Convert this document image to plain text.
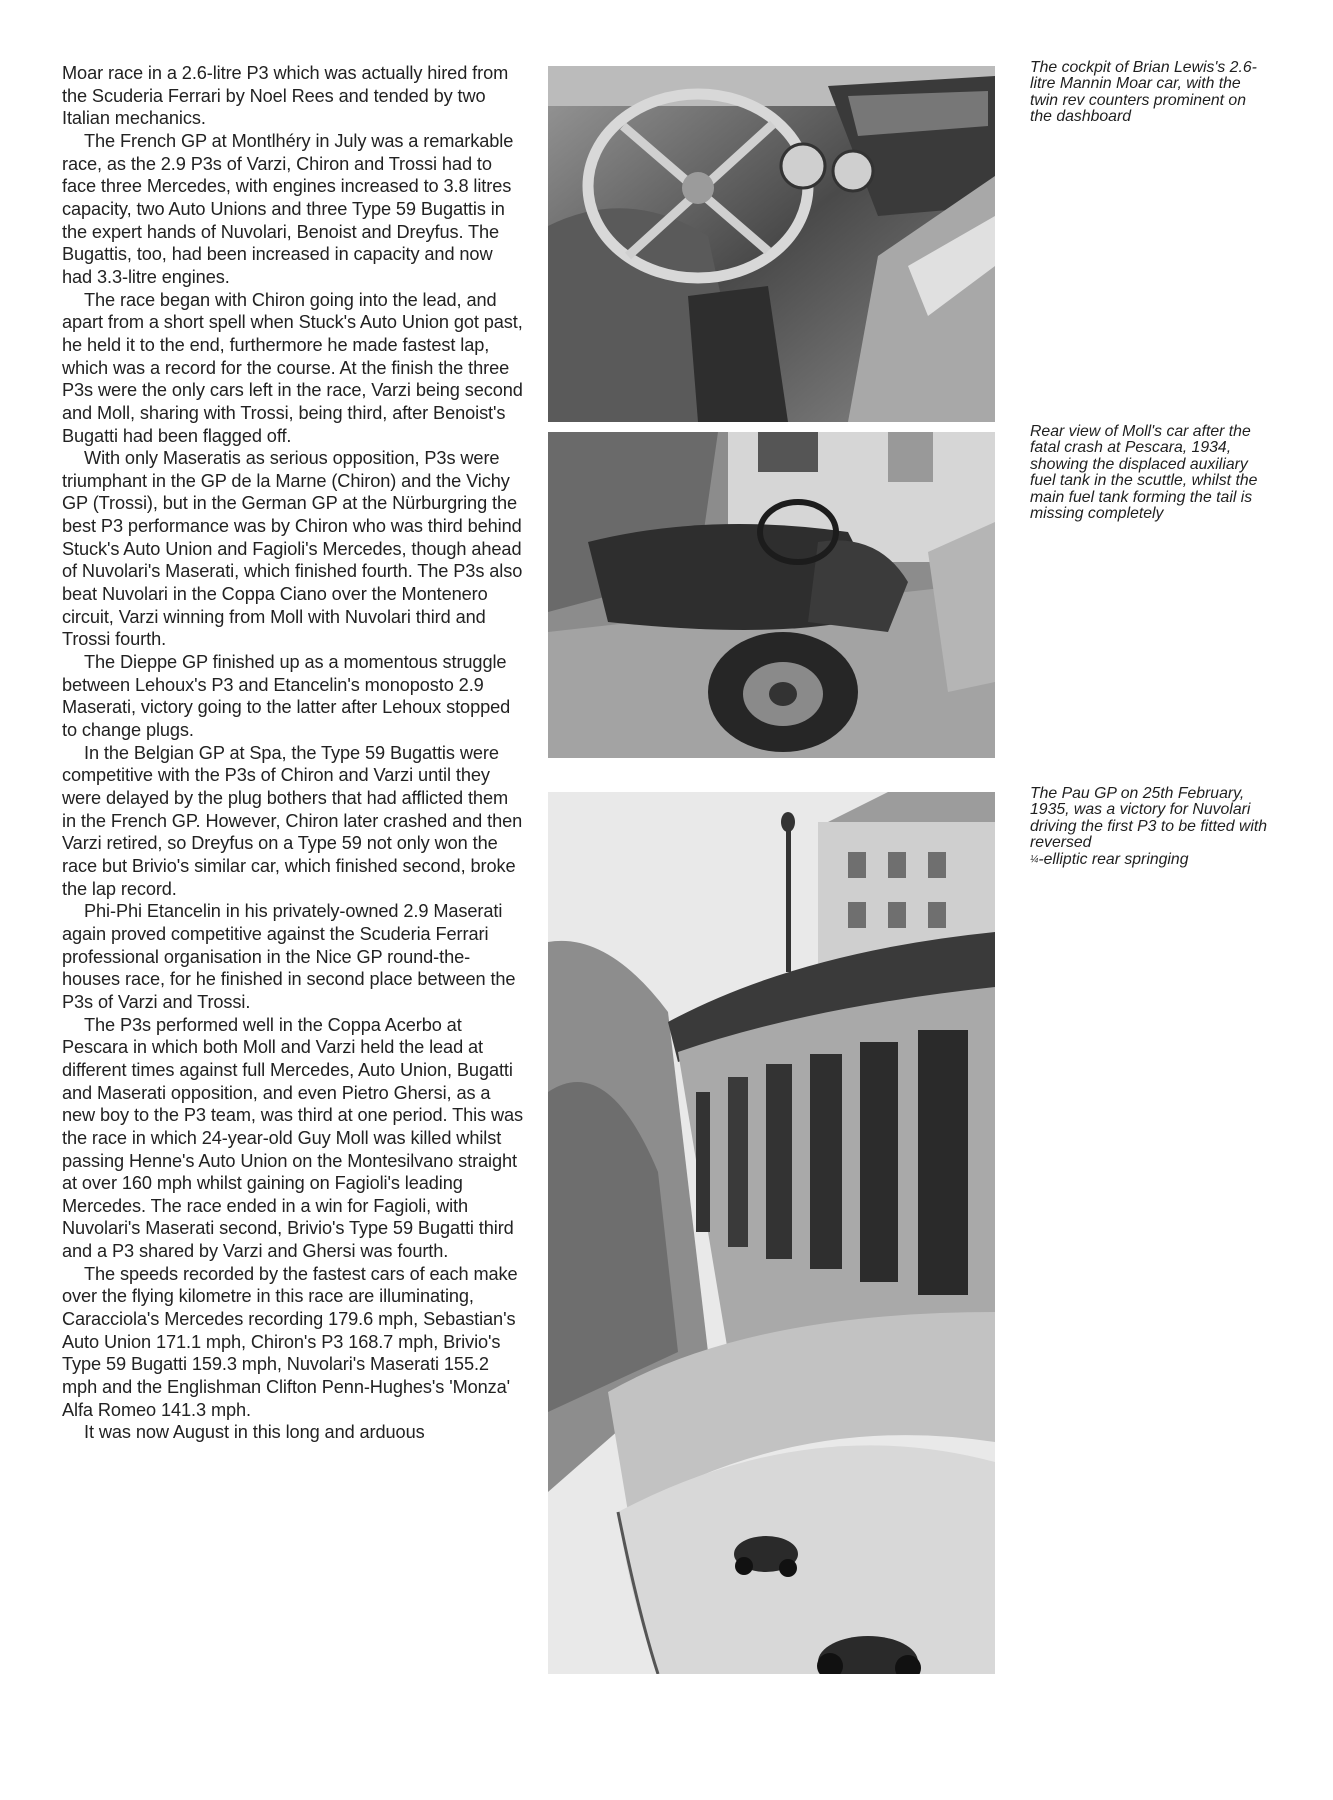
Moar race in a 2.6-litre P3 which was actually hired from the Scuderia Ferrari by Noel Rees and tended by two Italian mechanics.

The French GP at Montlhéry in July was a remarkable race, as the 2.9 P3s of Varzi, Chiron and Trossi had to face three Mercedes, with engines increased to 3.8 litres capacity, two Auto Unions and three Type 59 Bugattis in the expert hands of Nuvolari, Benoist and Dreyfus. The Bugattis, too, had been increased in capacity and now had 3.3-litre engines.

The race began with Chiron going into the lead, and apart from a short spell when Stuck's Auto Union got past, he held it to the end, furthermore he made fastest lap, which was a record for the course. At the finish the three P3s were the only cars left in the race, Varzi being second and Moll, sharing with Trossi, being third, after Benoist's Bugatti had been flagged off.

With only Maseratis as serious opposition, P3s were triumphant in the GP de la Marne (Chiron) and the Vichy GP (Trossi), but in the German GP at the Nürburgring the best P3 performance was by Chiron who was third behind Stuck's Auto Union and Fagioli's Mercedes, though ahead of Nuvolari's Maserati, which finished fourth. The P3s also beat Nuvolari in the Coppa Ciano over the Montenero circuit, Varzi winning from Moll with Nuvolari third and Trossi fourth.

The Dieppe GP finished up as a momentous struggle between Lehoux's P3 and Etancelin's monoposto 2.9 Maserati, victory going to the latter after Lehoux stopped to change plugs.

In the Belgian GP at Spa, the Type 59 Bugattis were competitive with the P3s of Chiron and Varzi until they were delayed by the plug bothers that had afflicted them in the French GP. However, Chiron later crashed and then Varzi retired, so Dreyfus on a Type 59 not only won the race but Brivio's similar car, which finished second, broke the lap record.

Phi-Phi Etancelin in his privately-owned 2.9 Maserati again proved competitive against the Scuderia Ferrari professional organisation in the Nice GP round-the-houses race, for he finished in second place between the P3s of Varzi and Trossi.

The P3s performed well in the Coppa Acerbo at Pescara in which both Moll and Varzi held the lead at different times against full Mercedes, Auto Union, Bugatti and Maserati opposition, and even Pietro Ghersi, as a new boy to the P3 team, was third at one period. This was the race in which 24-year-old Guy Moll was killed whilst passing Henne's Auto Union on the Montesilvano straight at over 160 mph whilst gaining on Fagioli's leading Mercedes. The race ended in a win for Fagioli, with Nuvolari's Maserati second, Brivio's Type 59 Bugatti third and a P3 shared by Varzi and Ghersi was fourth.

The speeds recorded by the fastest cars of each make over the flying kilometre in this race are illuminating, Caracciola's Mercedes recording 179.6 mph, Sebastian's Auto Union 171.1 mph, Chiron's P3 168.7 mph, Brivio's Type 59 Bugatti 159.3 mph, Nuvolari's Maserati 155.2 mph and the Englishman Clifton Penn-Hughes's 'Monza' Alfa Romeo 141.3 mph.

It was now August in this long and arduous

The cockpit of Brian Lewis's 2.6-litre Mannin Moar car, with the twin rev counters prominent on the dashboard

Rear view of Moll's car after the fatal crash at Pescara, 1934, showing the displaced auxiliary fuel tank in the scuttle, whilst the main fuel tank forming the tail is missing completely

The Pau GP on 25th February, 1935, was a victory for Nuvolari driving the first P3 to be fitted with reversed
¼-elliptic rear springing
